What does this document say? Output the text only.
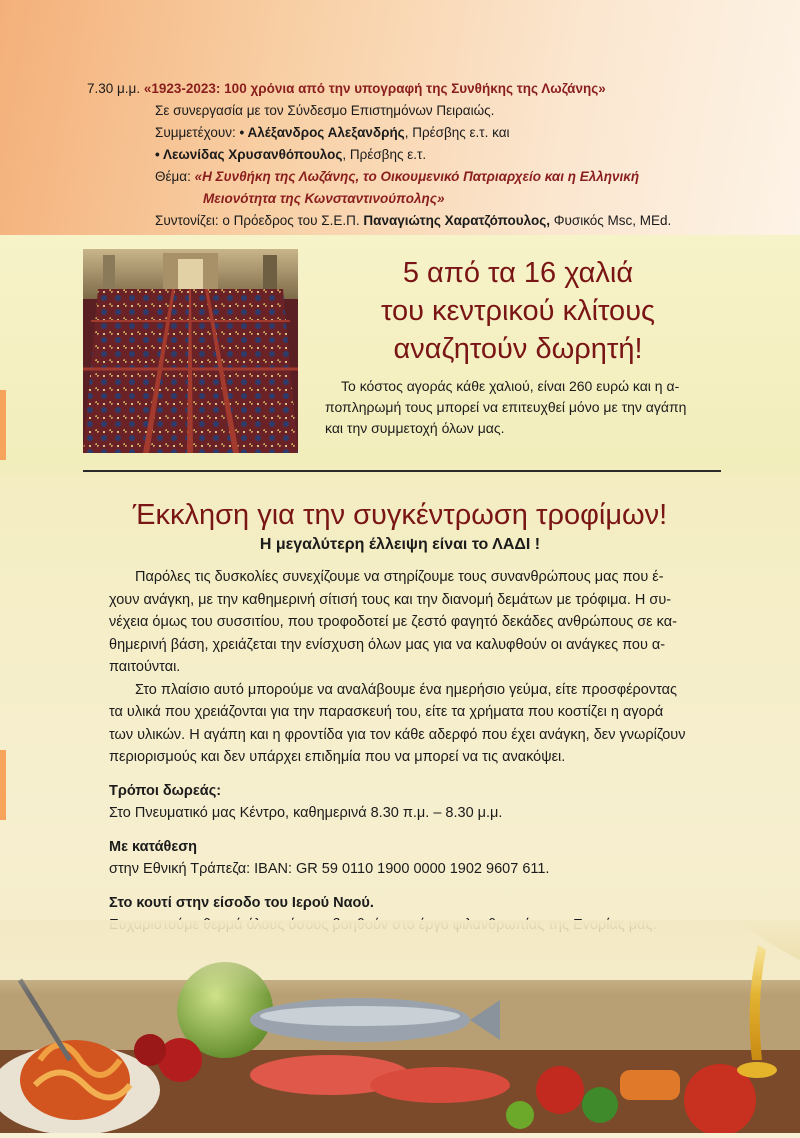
7.30 μ.μ. «1923-2023: 100 χρόνια από την υπογραφή της Συνθήκης της Λωζάνης»
Σε συνεργασία με τον Σύνδεσμο Επιστημόνων Πειραιώς.
Συμμετέχουν: • Αλέξανδρος Αλεξανδρής, Πρέσβης ε.τ. και
• Λεωνίδας Χρυσανθόπουλος, Πρέσβης ε.τ.
Θέμα: «Η Συνθήκη της Λωζάνης, το Οικουμενικό Πατριαρχείο και η Ελληνική
Μειονότητα της Κωνσταντινούπολης»
Συντονίζει: ο Πρόεδρος του Σ.Ε.Π. Παναγιώτης Χαρατζόπουλος, Φυσικός Msc, MEd.
5 από τα 16 χαλιά
του κεντρικού κλίτους
αναζητούν δωρητή!
Το κόστος αγοράς κάθε χαλιού, είναι 260 ευρώ και η α-
ποπληρωμή τους μπορεί να επιτευχθεί μόνο με την αγάπη
και την συμμετοχή όλων μας.
Έκκληση για την συγκέντρωση τροφίμων!
Η μεγαλύτερη έλλειψη είναι το ΛΑΔΙ !
Παρόλες τις δυσκολίες συνεχίζουμε να στηρίζουμε τους συνανθρώπους μας που έ-
χουν ανάγκη, με την καθημερινή σίτισή τους και την διανομή δεμάτων με τρόφιμα. Η συ-
νέχεια όμως του συσσιτίου, που τροφοδοτεί με ζεστό φαγητό δεκάδες ανθρώπους σε κα-
θημερινή βάση, χρειάζεται την ενίσχυση όλων μας για να καλυφθούν οι ανάγκες που α-
παιτούνται.
Στο πλαίσιο αυτό μπορούμε να αναλάβουμε ένα ημερήσιο γεύμα, είτε προσφέροντας
τα υλικά που χρειάζονται για την παρασκευή του, είτε τα χρήματα που κοστίζει η αγορά
των υλικών. Η αγάπη και η φροντίδα για τον κάθε αδερφό που έχει ανάγκη, δεν γνωρίζουν
περιορισμούς και δεν υπάρχει επιδημία που να μπορεί να τις ανακόψει.
Τρόποι δωρεάς:
Στο Πνευματικό μας Κέντρο, καθημερινά 8.30 π.μ. – 8.30 μ.μ.
Με κατάθεση
στην Εθνική Τράπεζα: IBAN: GR 59 0110 1900 0000 1902 9607 611.
Στο κουτί στην είσοδο του Ιερού Ναού.
